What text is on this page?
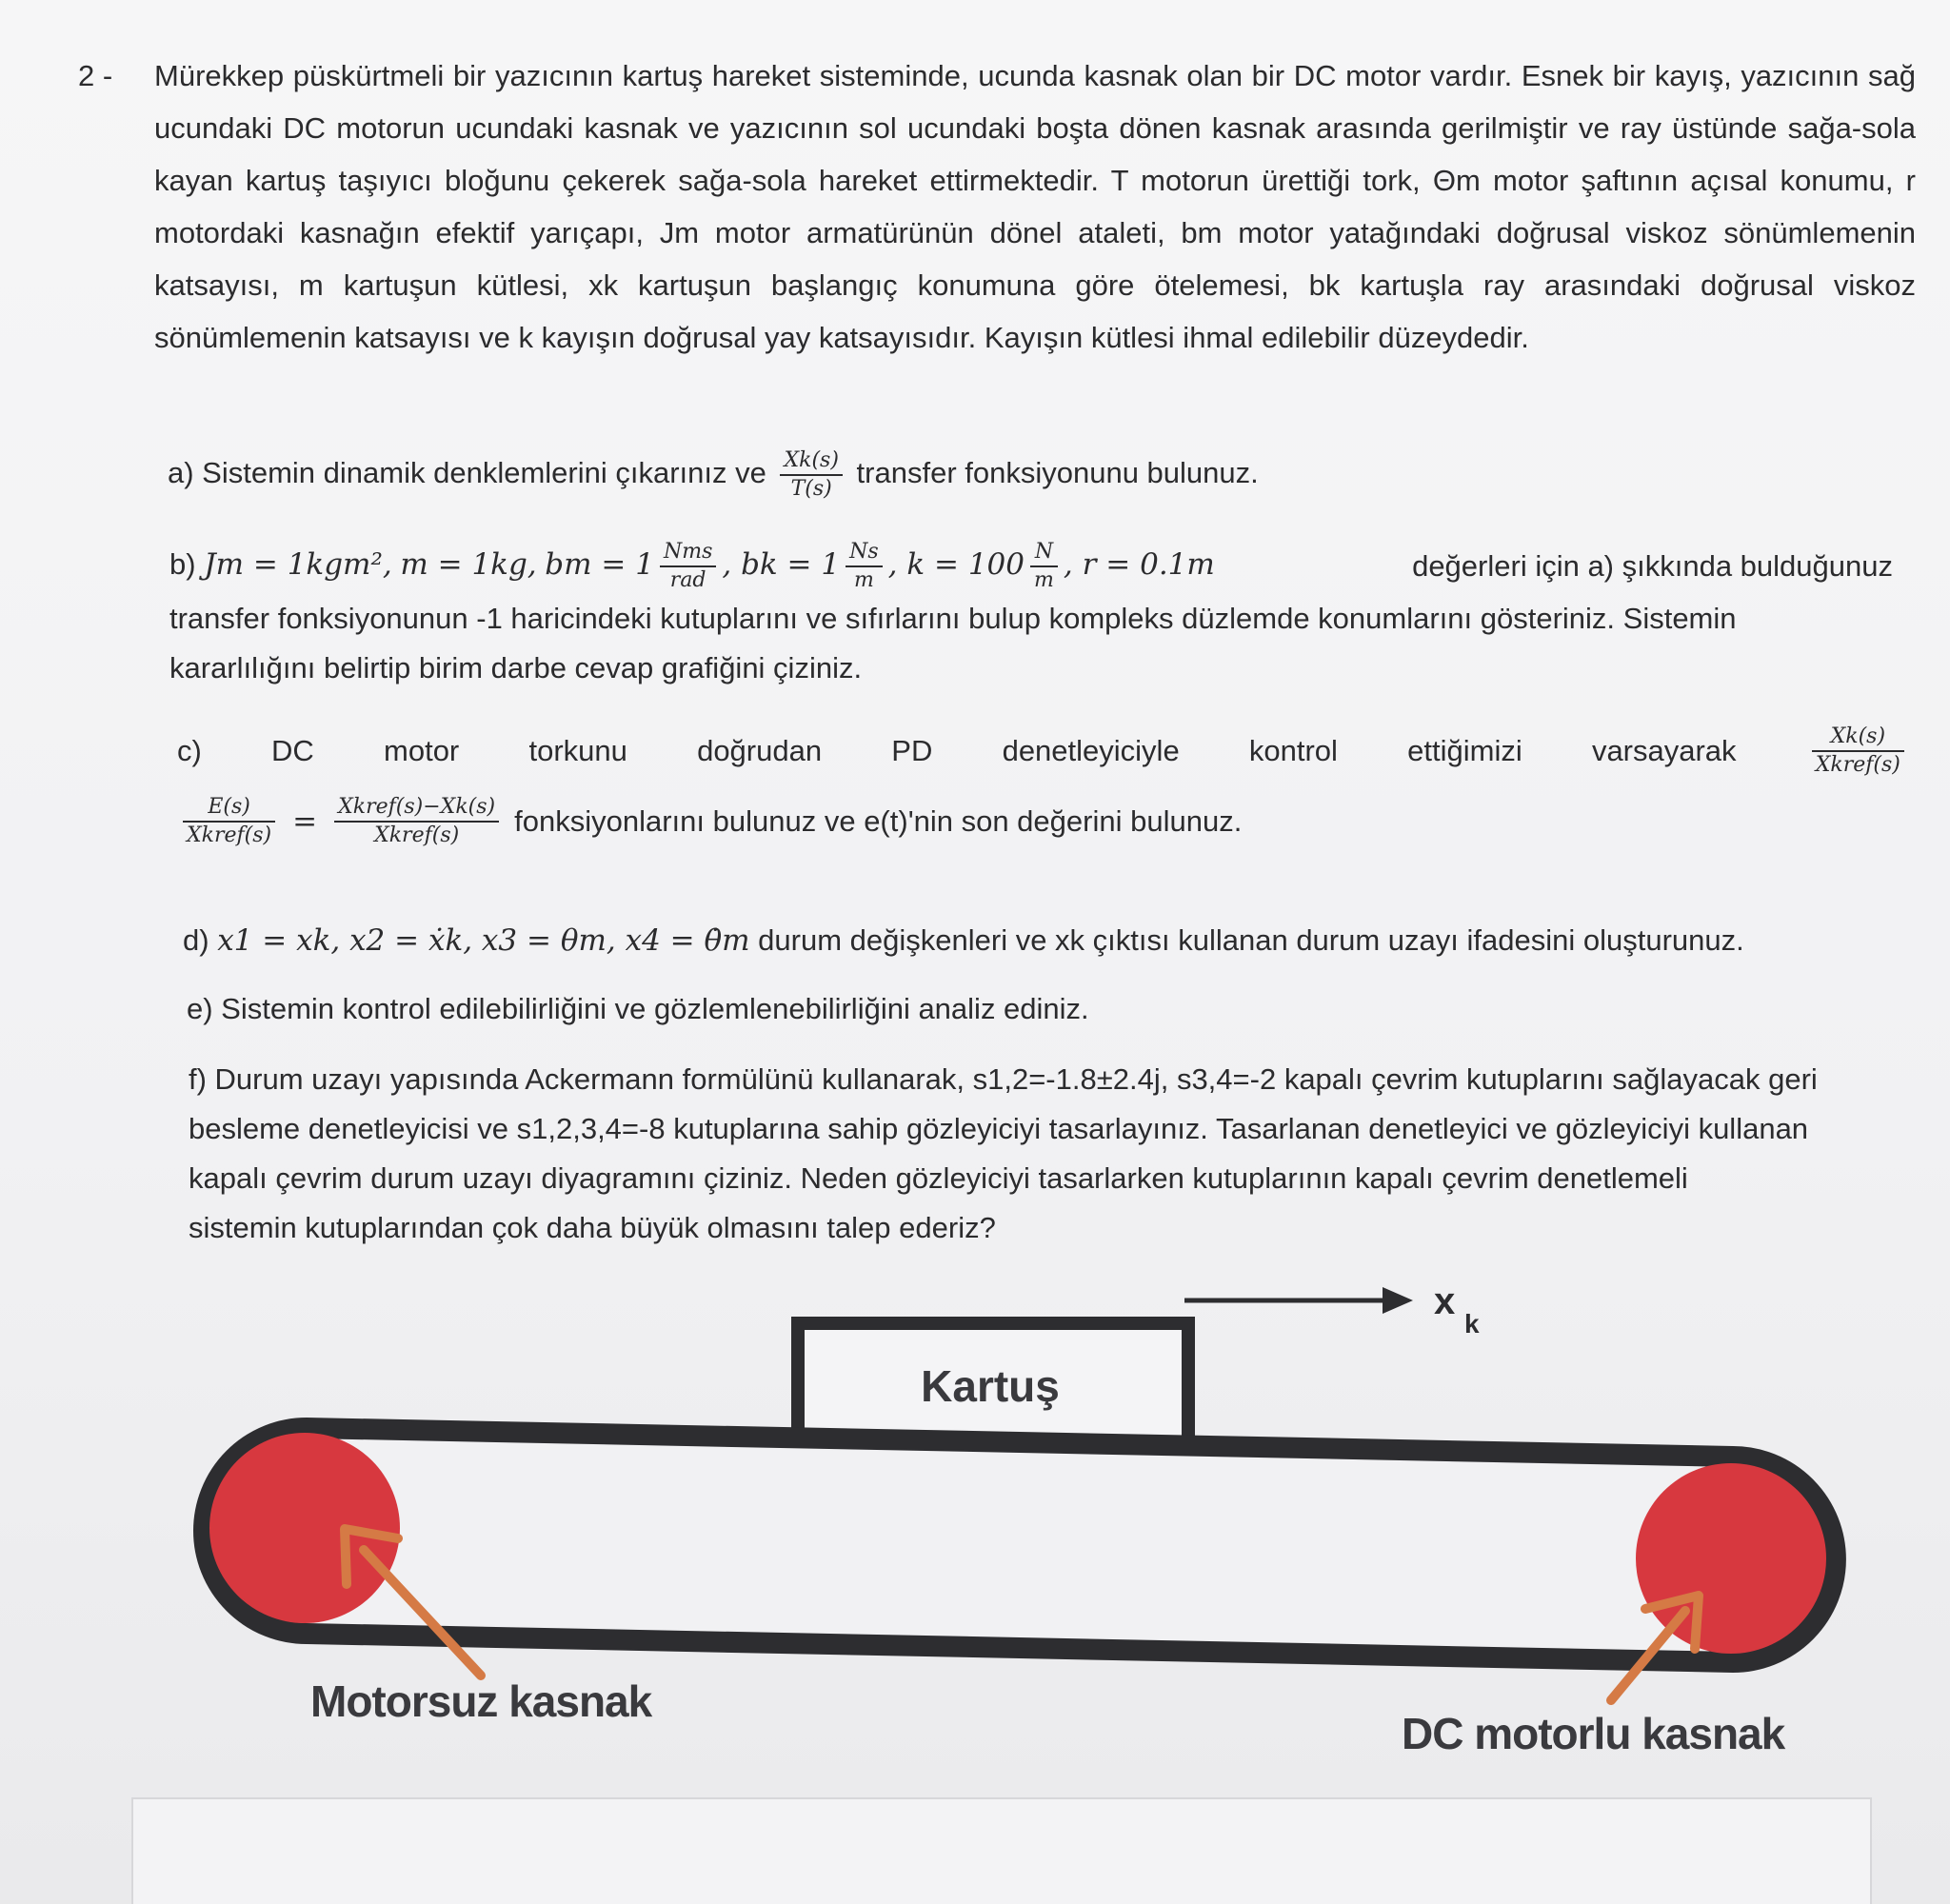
2 - Mürekkep püskürtmeli bir yazıcının kartuş hareket sisteminde, ucunda kasnak olan bir DC motor vardır. Esnek bir kayış, yazıcının sağ ucundaki DC motorun ucundaki kasnak ve yazıcının sol ucundaki boşta dönen kasnak arasında gerilmiştir ve ray üstünde sağa-sola kayan kartuş taşıyıcı bloğunu çekerek sağa-sola hareket ettirmektedir. T motorun ürettiği tork, Θm motor şaftının açısal konumu, r motordaki kasnağın efektif yarıçapı, Jm motor armatürünün dönel ataleti, bm motor yatağındaki doğrusal viskoz sönümlemenin katsayısı, m kartuşun kütlesi, xk kartuşun başlangıç konumuna göre ötelemesi, bk kartuşla ray arasındaki doğrusal viskoz sönümlemenin katsayısı ve k kayışın doğrusal yay katsayısıdır. Kayışın kütlesi ihmal edilebilir düzeydedir.
a) Sistemin dinamik denklemlerini çıkarınız ve $\frac{Xk(s)}{T(s)}$ transfer fonksiyonunu bulunuz.
b) Jm = 1kgm², m = 1kg, bm = $1 \frac{\text{Nms}}{\text{rad}}$ , bk = $1 \frac{Ns}{m}$ , $k = 100 \frac{N}{m}$ , r = 0.1m	değerleri için a) şıkkında bulduğunuz
transfer fonksiyonunun -1 haricindeki kutuplarını ve sıfırlarını bulup kompleks düzlemde konumlarını gösteriniz. Sistemin
kararlılığını belirtip birim darbe cevap grafiğini çiziniz.
c) DC motor torkunu doğrudan PD denetleyiciyle kontrol ettiğimizi varsayarak	$\frac{Xk(s)}{\text{Xkref(s)}}$
$\frac{E(s)}{\text{Xkref(s)}} = \frac{\text{Xkref(s)−Xk(s)}}{\text{Xkref(s)}}$ fonksiyonlarını bulunuz ve e(t)'nin son değerini bulunuz.
d) x1 = xk, x2 = ẋk, x3 = θm, x4 = θ̇m durum değişkenleri ve xk çıktısı kullanan durum uzayı ifadesini oluşturunuz.
e) Sistemin kontrol edilebilirliğini ve gözlemlenebilirliğini analiz ediniz.
f) Durum uzayı yapısında Ackermann formülünü kullanarak, s1,2=-1.8±2.4j, s3,4=-2 kapalı çevrim kutuplarını sağlayacak geri
besleme denetleyicisi ve s1,2,3,4=-8 kutuplarına sahip gözleyiciyi tasarlayınız. Tasarlanan denetleyici ve gözleyiciyi kullanan
kapalı çevrim durum uzayı diyagramını çiziniz. Neden gözleyiciyi tasarlarken kutuplarının kapalı çevrim denetlemeli
sistemin kutuplarından çok daha büyük olmasını talep ederiz?
x
k
Kartuş
Motorsuz kasnak
DC motorlu kasnak
